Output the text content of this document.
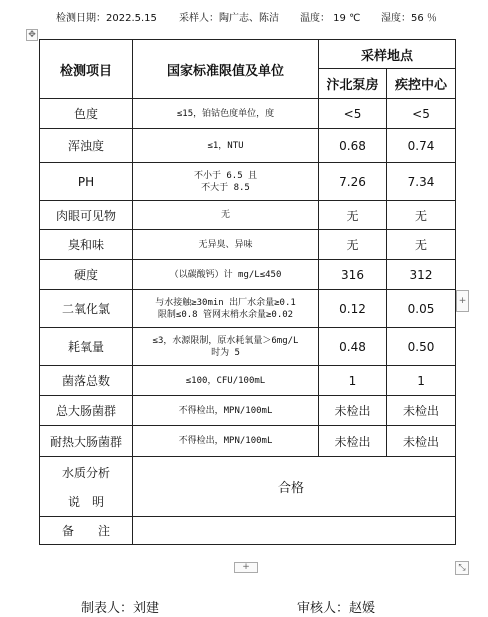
检测日期：2022.5.15 采样人：陶广志、陈洁 温度： 19 ℃ 湿度：56 ％
✥
检测项目	国家标准限值及单位	采样地点	
		汴北泵房	疾控中心
色度	≤15，铂钴色度单位，度	<5	<5
浑浊度	≤1，NTU	0.68	0.74
PH	不小于 6.5 且
不大于 8.5	7.26	7.34
肉眼可见物	无	无	无
臭和味	无异臭、异味	无	无
硬度	（以碳酸钙）计 mg/L≤450	316	312
二氧化氯	与水接触≥30min 出厂水余量≥0.1
限制≤0.8 管网末梢水余量≥0.02	0.12	0.05
耗氧量	≤3，水源限制，原水耗氧量＞6mg/L
时为 5	0.48	0.50
菌落总数	≤100，CFU/100mL	1	1
总大肠菌群	不得检出，MPN/100mL	未检出	未检出
耐热大肠菌群	不得检出，MPN/100mL	未检出	未检出

水质分析
说　明	合格		
备　　注			
+
+	⤡
制表人：刘建	审核人：赵媛
